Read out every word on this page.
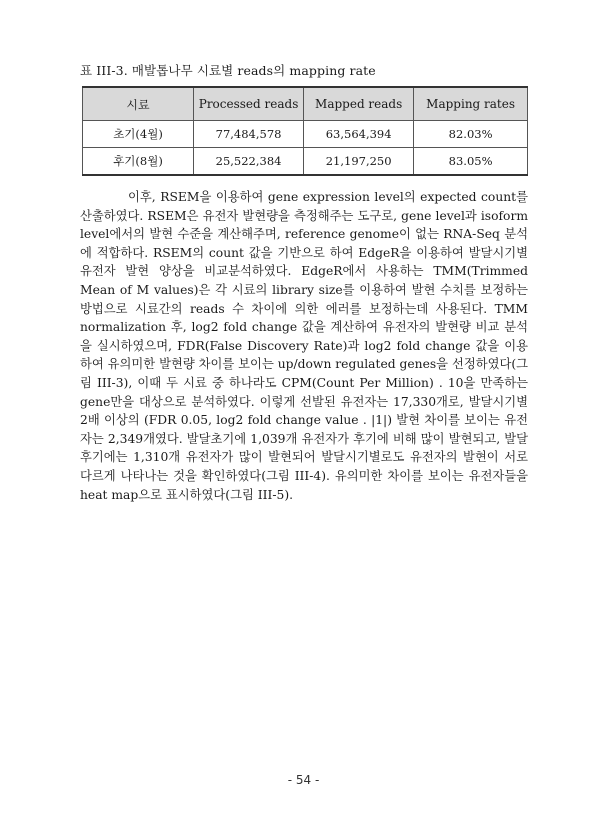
표 III-3. 매발톱나무 시료별 reads의 mapping rate
시료	Processed reads	Mapped reads	Mapping rates
초기(4월)	77,484,578	63,564,394	82.03%
후기(8월)	25,522,384	21,197,250	83.05%

이후, RSEM을 이용하여 gene expression level의 expected count를 산출하였다. RSEM은 유전자 발현량을 측정해주는 도구로, gene level과 isoform level에서의 발현 수준을 계산해주며, reference genome이 없는 RNA-Seq 분석에 적합하다. RSEM의 count 값을 기반으로 하여 EdgeR을 이용하여 발달시기별 유전자 발현 양상을 비교분석하였다. EdgeR에서 사용하는 TMM(Trimmed Mean of M values)은 각 시료의 library size를 이용하여 발현 수치를 보정하는 방법으로 시료간의 reads 수 차이에 의한 에러를 보정하는데 사용된다. TMM normalization 후, log2 fold change 값을 계산하여 유전자의 발현량 비교 분석을 실시하였으며, FDR(False Discovery Rate)과 log2 fold change 값을 이용하여 유의미한 발현량 차이를 보이는 up/down regulated genes을 선정하였다(그림 III-3), 이때 두 시료 중 하나라도 CPM(Count Per Million) . 10을 만족하는 gene만을 대상으로 분석하였다. 이렇게 선발된 유전자는 17,330개로, 발달시기별 2배 이상의 (FDR 0.05, log2 fold change value . |1|) 발현 차이를 보이는 유전자는 2,349개였다. 발달초기에 1,039개 유전자가 후기에 비해 많이 발현되고, 발달후기에는 1,310개 유전자가 많이 발현되어 발달시기별로도 유전자의 발현이 서로 다르게 나타나는 것을 확인하였다(그림 III-4). 유의미한 차이를 보이는 유전자들을 heat map으로 표시하였다(그림 III-5).

- 54 -
